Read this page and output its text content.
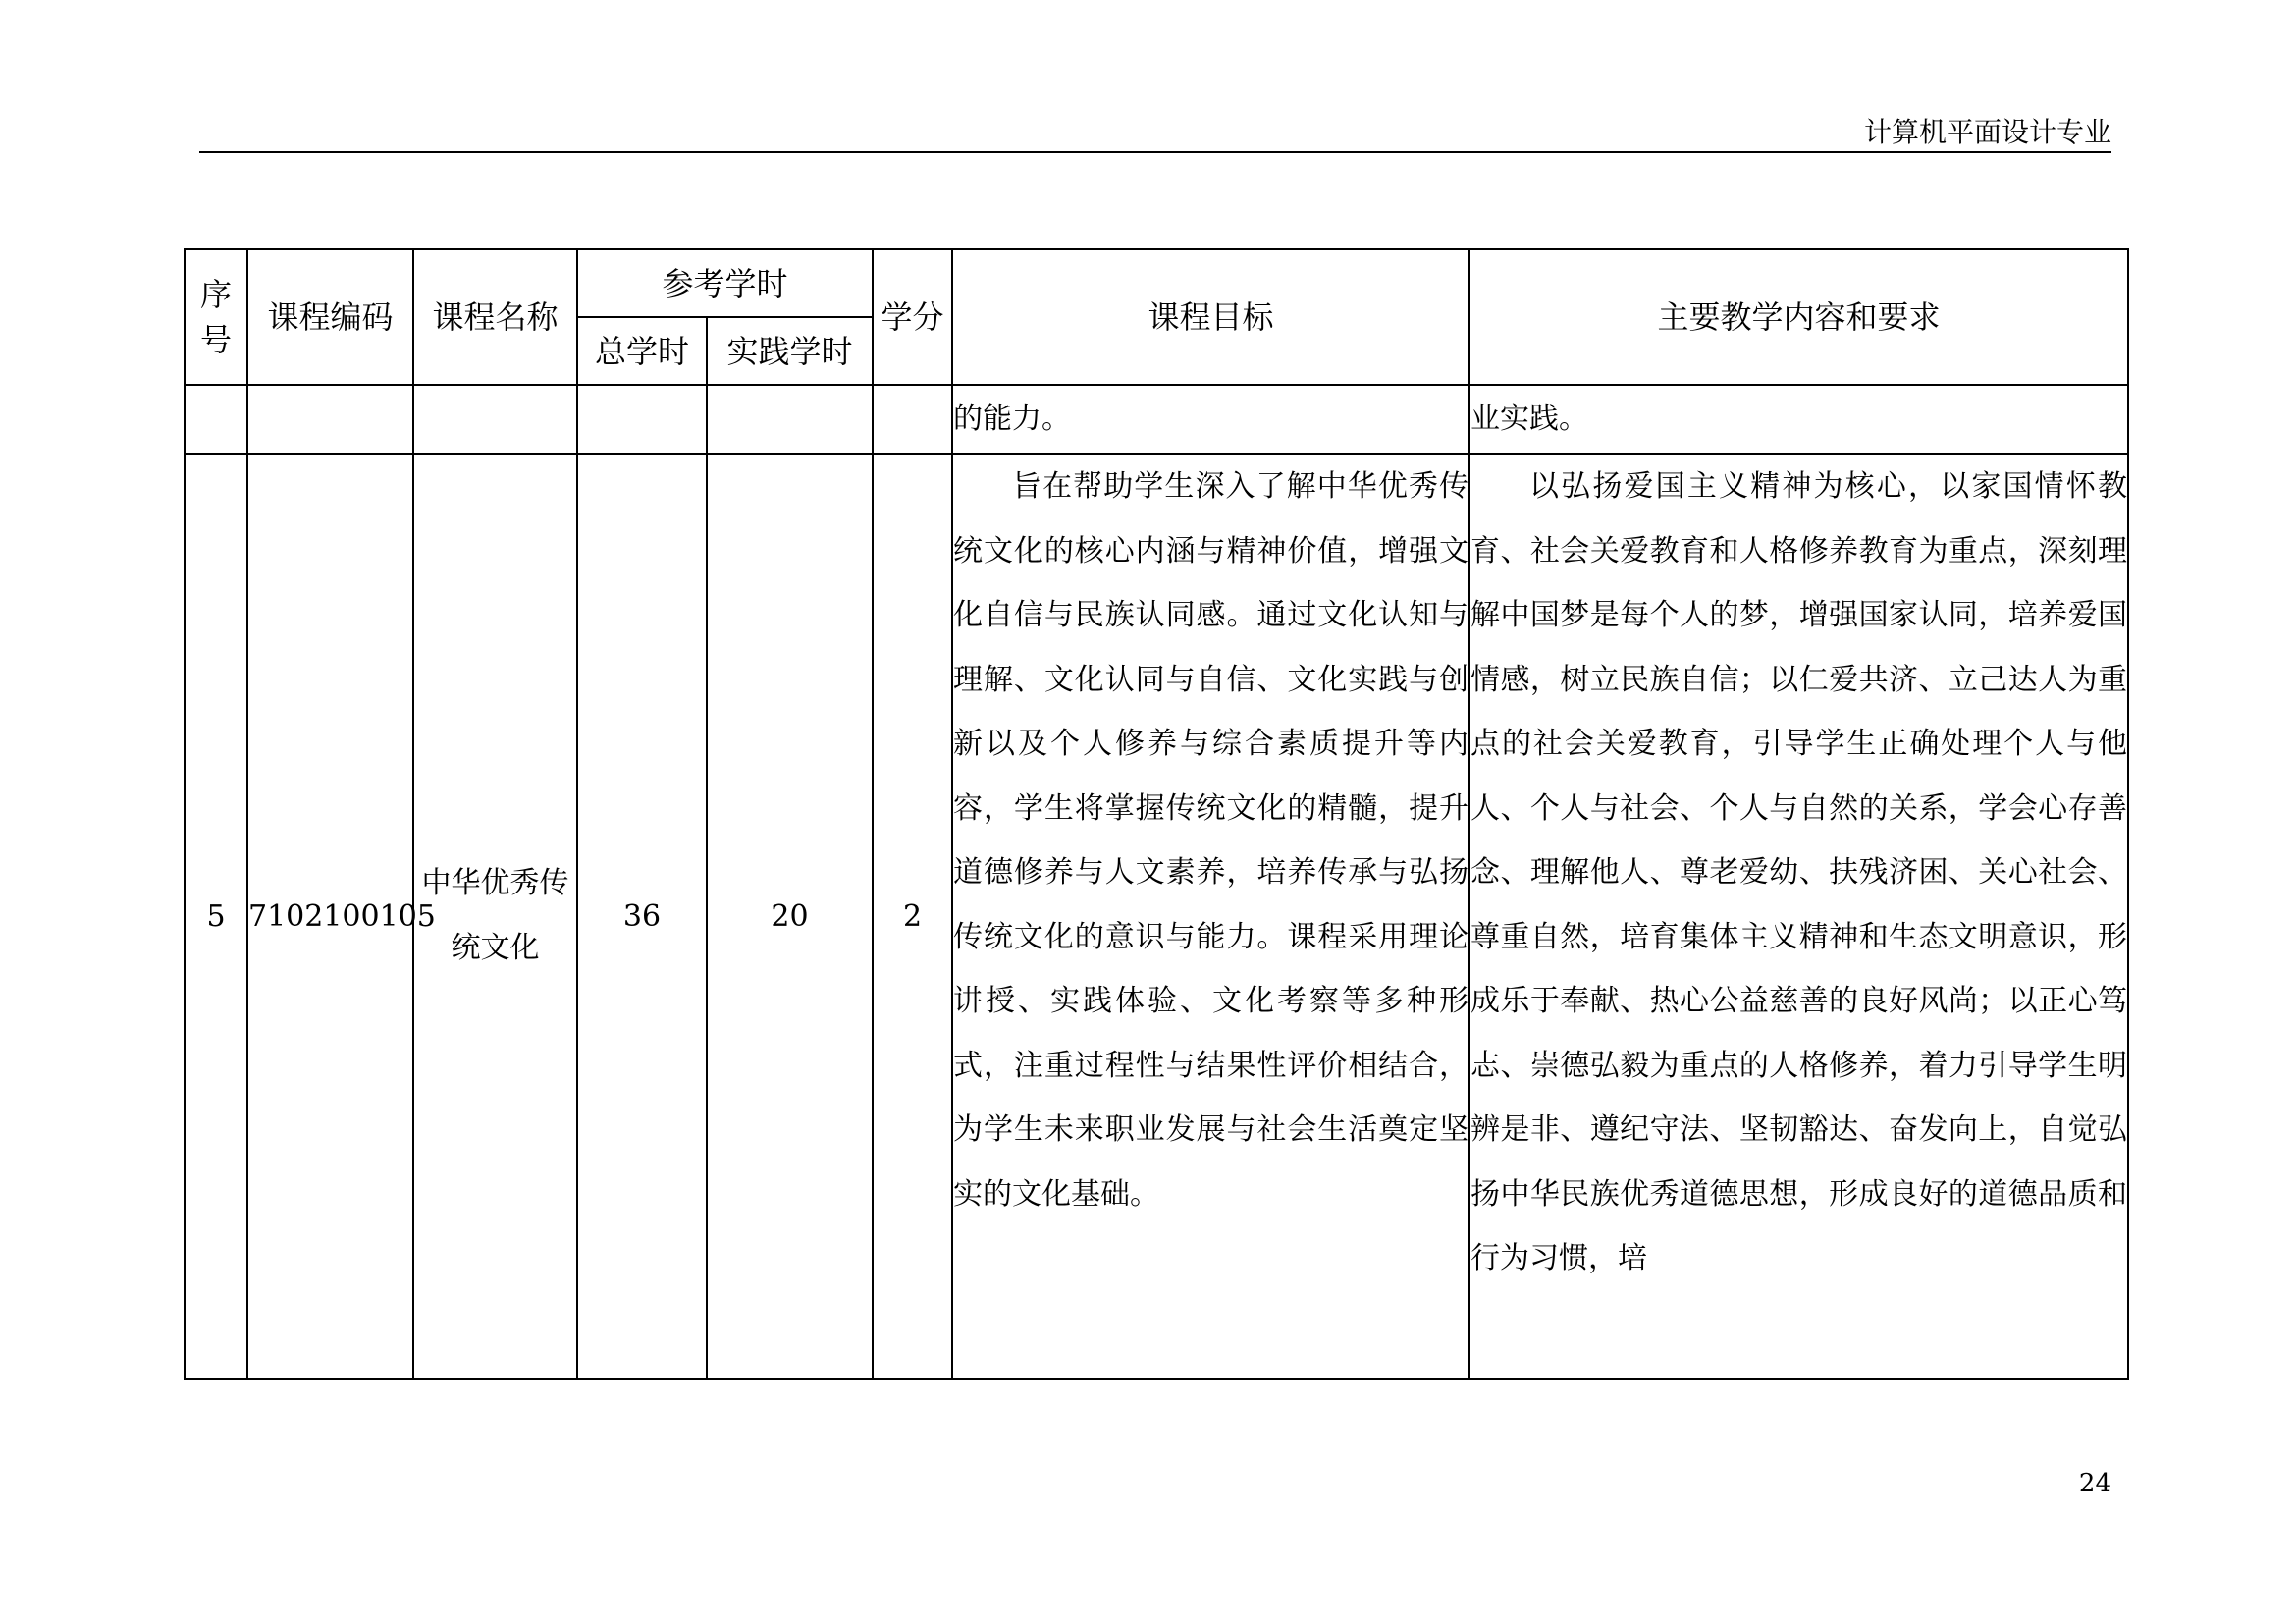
计算机平面设计专业
序号	课程编码	课程名称	参考学时		学分	课程目标	主要教学内容和要求
			总学时	实践学时			
						的能力。	业实践。
5	7102100105	中华优秀传统文化	36	20	2	旨在帮助学生深入了解中华优秀传统文化的核心内涵与精神价值，增强文化自信与民族认同感。通过文化认知与理解、文化认同与自信、文化实践与创新以及个人修养与综合素质提升等内容，学生将掌握传统文化的精髓，提升道德修养与人文素养，培养传承与弘扬传统文化的意识与能力。课程采用理论讲授、实践体验、文化考察等多种形式，注重过程性与结果性评价相结合，为学生未来职业发展与社会生活奠定坚实的文化基础。	以弘扬爱国主义精神为核心，以家国情怀教育、社会关爱教育和人格修养教育为重点，深刻理解中国梦是每个人的梦，增强国家认同，培养爱国情感，树立民族自信；以仁爱共济、立己达人为重点的社会关爱教育，引导学生正确处理个人与他人、个人与社会、个人与自然的关系，学会心存善念、理解他人、尊老爱幼、扶残济困、关心社会、尊重自然，培育集体主义精神和生态文明意识，形成乐于奉献、热心公益慈善的良好风尚；以正心笃志、崇德弘毅为重点的人格修养，着力引导学生明辨是非、遵纪守法、坚韧豁达、奋发向上，自觉弘扬中华民族优秀道德思想，形成良好的道德品质和行为习惯，培
24
